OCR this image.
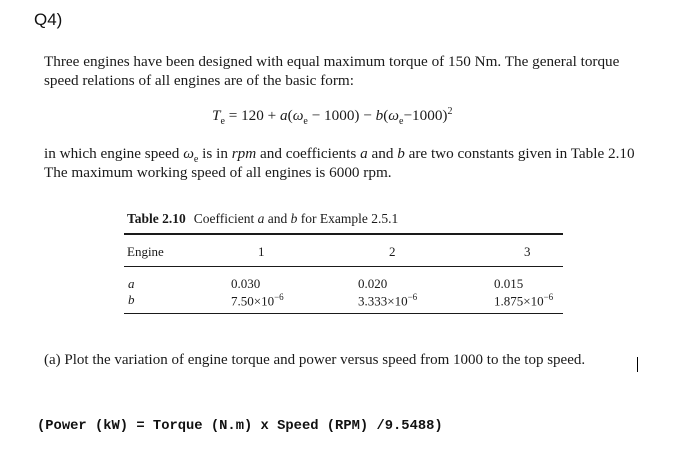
Q4)
Three engines have been designed with equal maximum torque of 150 Nm. The general torque
speed relations of all engines are of the basic form:
$T_e = 120 + a(\omega_e - 1000) - b(\omega_e-1000)^2$
in which engine speed $\omega_e$ is in rpm and coefficients a and b are two constants given in Table 2.10
The maximum working speed of all engines is 6000 rpm.
Table 2.10 Coefficient a and b for Example 2.5.1
Engine	1	2	3
a	0.030	0.020	0.015
b	$7.50\times 10^{-6}$	$3.333\times 10^{-6}$	$1.875\times 10^{-6}$
(a) Plot the variation of engine torque and power versus speed from 1000 to the top speed.
(Power (kW) = Torque (N.m) x Speed (RPM) /9.5488)
